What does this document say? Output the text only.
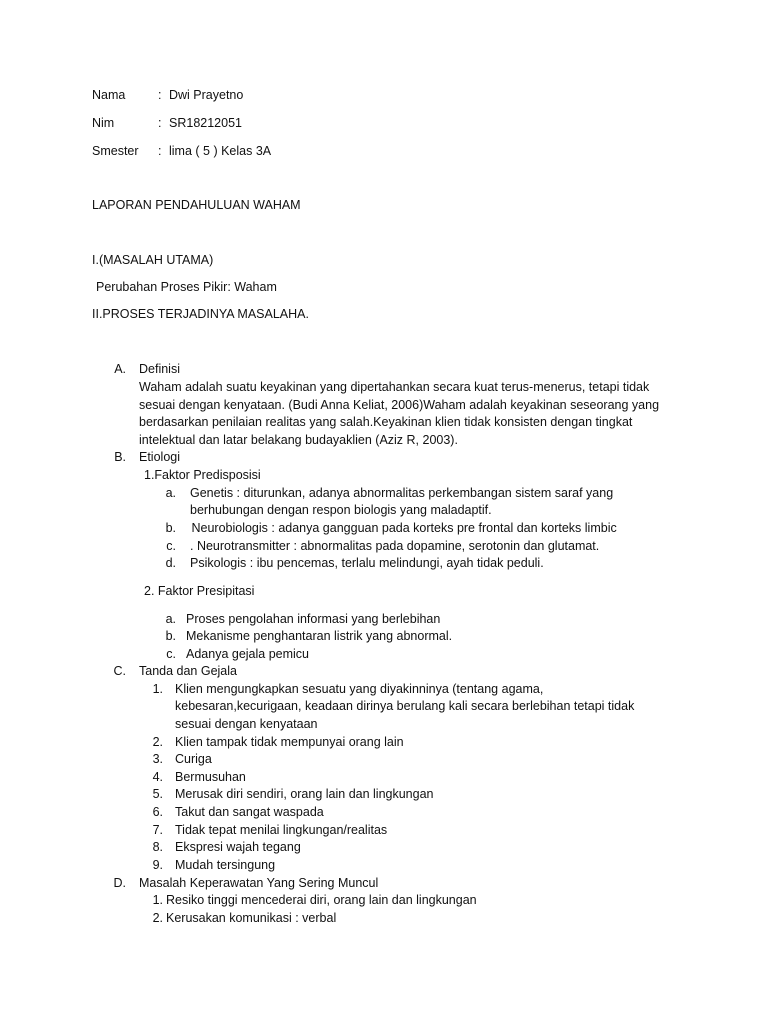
Nama	: Dwi Prayetno
Nim	: SR18212051
Smester : lima ( 5 ) Kelas 3A
LAPORAN PENDAHULUAN WAHAM
I.(MASALAH UTAMA)
Perubahan Proses Pikir: Waham
II.PROSES TERJADINYA MASALAHA.
A. Definisi
Waham adalah suatu keyakinan yang dipertahankan secara kuat terus-menerus, tetapi tidak
sesuai dengan kenyataan. (Budi Anna Keliat, 2006)Waham adalah keyakinan seseorang yang
berdasarkan penilaian realitas yang salah.Keyakinan klien tidak konsisten dengan tingkat
intelektual dan latar belakang budayaklien (Aziz R, 2003).
B. Etiologi
1.Faktor Predisposisi
a. Genetis : diturunkan, adanya abnormalitas perkembangan sistem saraf yang
berhubungan dengan respon biologis yang maladaptif.
b. Neurobiologis : adanya gangguan pada korteks pre frontal dan korteks limbic
c. . Neurotransmitter : abnormalitas pada dopamine, serotonin dan glutamat.
d. Psikologis : ibu pencemas, terlalu melindungi, ayah tidak peduli.
2. Faktor Presipitasi
a. Proses pengolahan informasi yang berlebihan
b. Mekanisme penghantaran listrik yang abnormal.
c. Adanya gejala pemicu
C. Tanda dan Gejala
1. Klien mengungkapkan sesuatu yang diyakinninya (tentang agama,
kebesaran,kecurigaan, keadaan dirinya berulang kali secara berlebihan tetapi tidak
sesuai dengan kenyataan
2. Klien tampak tidak mempunyai orang lain
3. Curiga
4. Bermusuhan
5. Merusak diri sendiri, orang lain dan lingkungan
6. Takut dan sangat waspada
7. Tidak tepat menilai lingkungan/realitas
8. Ekspresi wajah tegang
9. Mudah tersingung
D. Masalah Keperawatan Yang Sering Muncul
1. Resiko tinggi mencederai diri, orang lain dan lingkungan
2. Kerusakan komunikasi : verbal
